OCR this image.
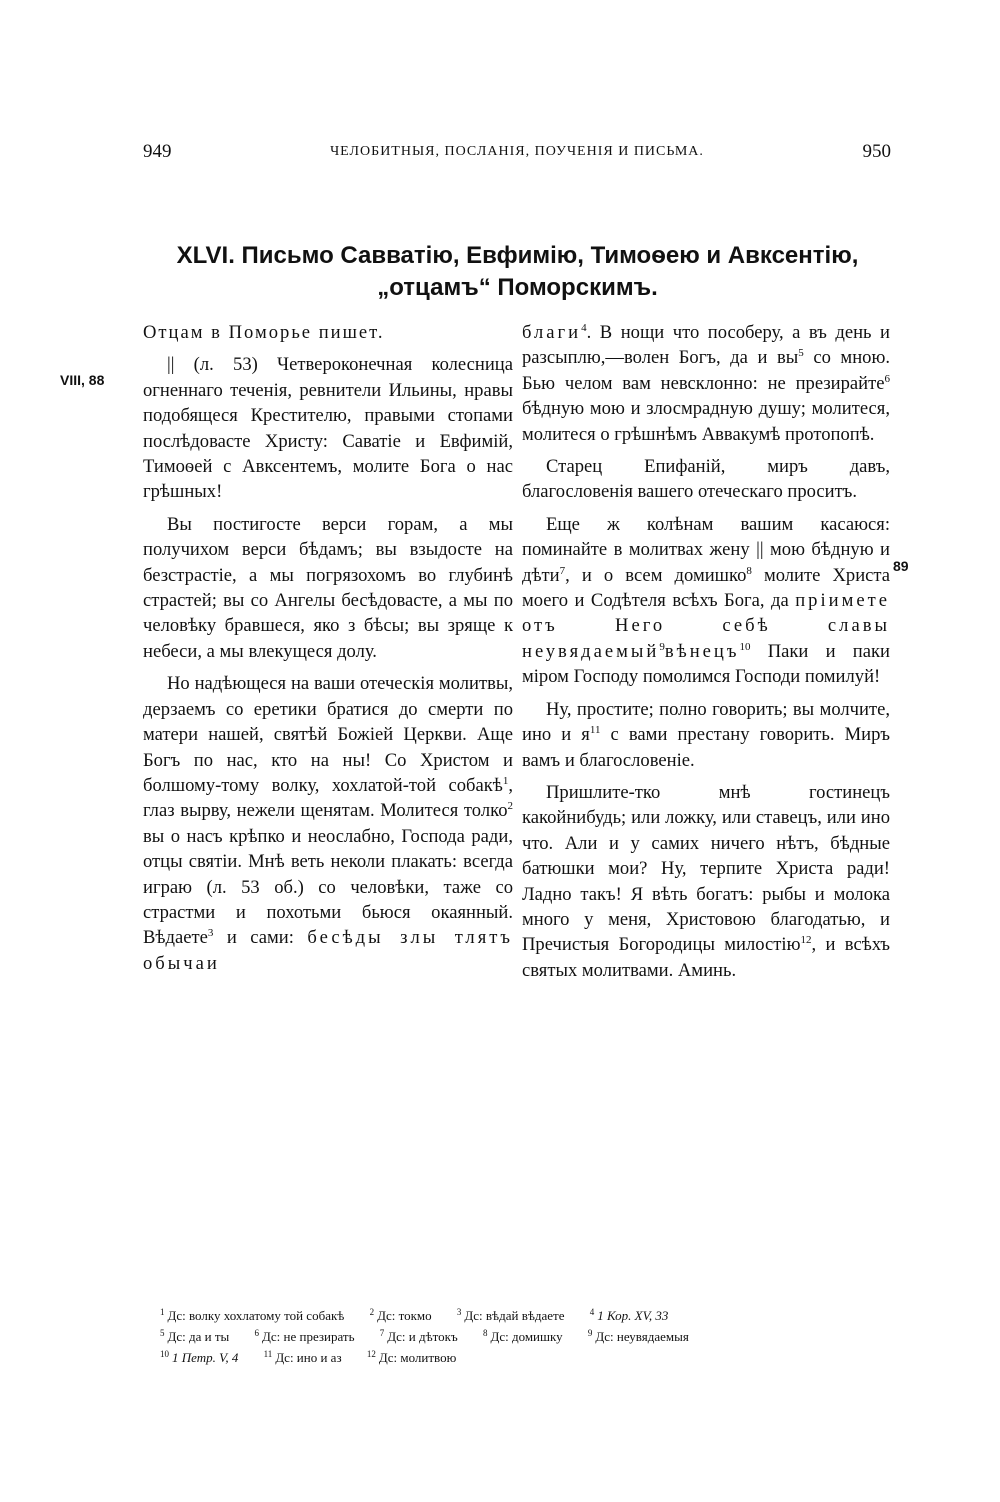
949	ЧЕЛОБИТНЫЯ, ПОСЛАНІЯ, ПОУЧЕНІЯ И ПИСЬМА.	950
XLVI. Письмо Савватію, Евфимію, Тимоѳею и Авксентію, „отцамъ“ Поморскимъ.
VIII, 88
89

Отцам в Поморье пишет.

|| (л. 53) Четвероконечная колесница огненнаго теченія, ревнители Ильины, нравы подобящеся Крестителю, правыми стопами послѣдовасте Христу: Саватіе и Евфимій, Тимоѳей с Авксентемъ, молите Бога о нас грѣшных!

Вы постигосте верси горам, а мы получихом верси бѣдамъ; вы взыдосте на безстрастіе, а мы погрязохомъ во глубинѣ страстей; вы со Ангелы бесѣдовасте, а мы по человѣку бравшеся, яко з бѣсы; вы зряще к небеси, а мы влекущеся долу.

Но надѣющеся на ваши отеческія молитвы, дерзаемъ со еретики братися до смерти по матери нашей, святѣй Божіей Церкви. Аще Богъ по нас, кто на ны! Со Христом и болшому-тому волку, хохлатой-той собакѣ$^1$, глаз вырву, нежели щенятам. Молитеся толко$^2$ вы о насъ крѣпко и неослабно, Господа ради, отцы святіи. Мнѣ веть неколи плакать: всегда играю (л. 53 об.) со человѣки, таже со страстми и похотьми бьюся окаянный. Вѣдаете$^3$ и сами: бесѣды злы тлятъ обычаи

благи$^4$. В нощи что пособеру, а въ день и разсыплю,—волен Богъ, да и $вы^5$ со мною. Бью челом вам невсклонно: не презирайте$^6$ бѣдную мою и злосмрадную душу; молитеся, молитеся о грѣшнѣмъ Аввакумѣ протопопѣ.

Старец Епифаній, миръ давъ, благословенія вашего отеческаго проситъ.

Еще ж колѣнам вашим касаюся: поминайте в молитвах жену || мою бѣдную и дѣти$^7$, и о всем домишко$^8$ молите Христа моего и Содѣтеля всѣхъ Бога, да пріимете отъ Него себѣ славы неувядаемый$^9$вѣнецъ$^{10}$ Паки и паки міром Господу помолимся Господи помилуй!

Ну, простите; полно говорить; вы молчите, ино и $я^{11}$ с вами престану говорить. Миръ вамъ и благословеніе.

Пришлите-тко мнѣ гостинецъ какойнибудь; или ложку, или ставецъ, или ино что. Али и у самих ничего нѣтъ, бѣдные батюшки мои? Ну, терпите Христа ради! Ладно такъ! Я вѣть богатъ: рыбы и молока много у меня, Христовою благодатью, и Пречистыя Богородицы милостію$^{12}$, и всѣхъ святых молитвами. Аминь.

$^1$ Дс: волку хохлатому той собакѣ	$^2$ Дс: токмо	$^3$ Дс: вѣдай вѣдаете	$^4$ 1 Кор. XV, 33
$^5$ Дс: да и ты	$^6$ Дс: не презирать	$^7$ Дс: и дѣтокъ	$^8$ Дс: домишку	$^9$ Дс: неувядаемыя
$^{10}$ 1 Петр. V, 4	$^{11}$ Дс: ино и аз	$^{12}$ Дс: молитвою
